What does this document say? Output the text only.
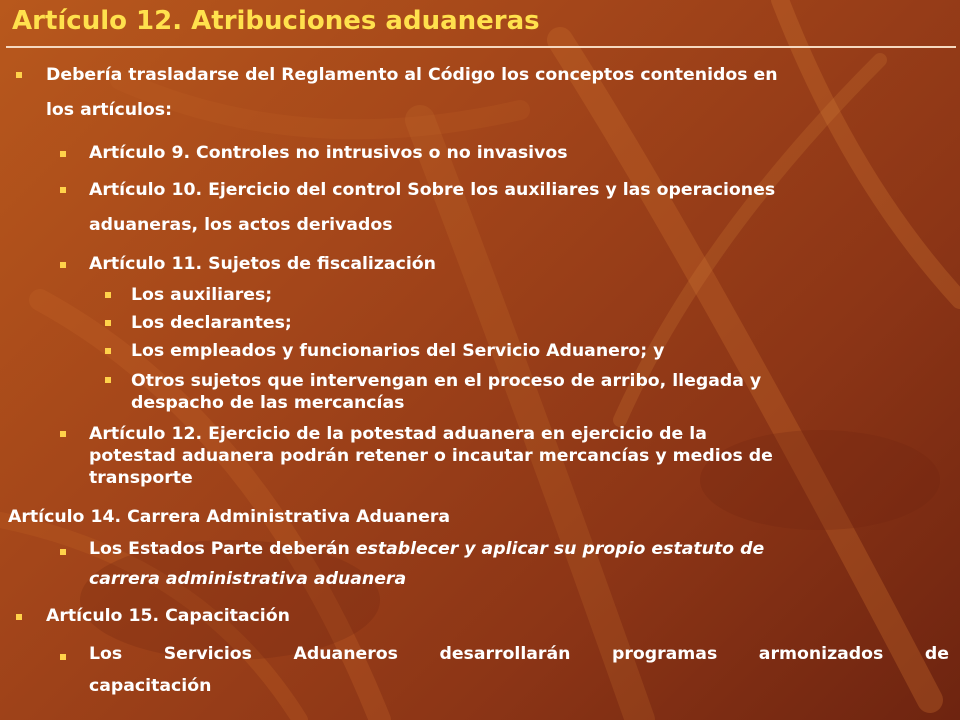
Artículo 12. Atribuciones aduaneras

Debería trasladarse del Reglamento al Código los conceptos contenidos en
los artículos:

Artículo 9. Controles no intrusivos o no invasivos

Artículo 10. Ejercicio del control Sobre los auxiliares y las operaciones
aduaneras, los actos derivados

Artículo 11. Sujetos de fiscalización

Los auxiliares;

Los declarantes;

Los empleados y funcionarios del Servicio Aduanero; y

Otros sujetos que intervengan en el proceso de arribo, llegada y
despacho de las mercancías

Artículo 12. Ejercicio de la potestad aduanera en ejercicio de la
potestad aduanera podrán retener o incautar mercancías y medios de
transporte

Artículo 14. Carrera Administrativa Aduanera

Los Estados Parte deberán establecer y aplicar su propio estatuto de
carrera administrativa aduanera

Artículo 15. Capacitación

Los Servicios Aduaneros desarrollarán programas armonizados de
capacitación
